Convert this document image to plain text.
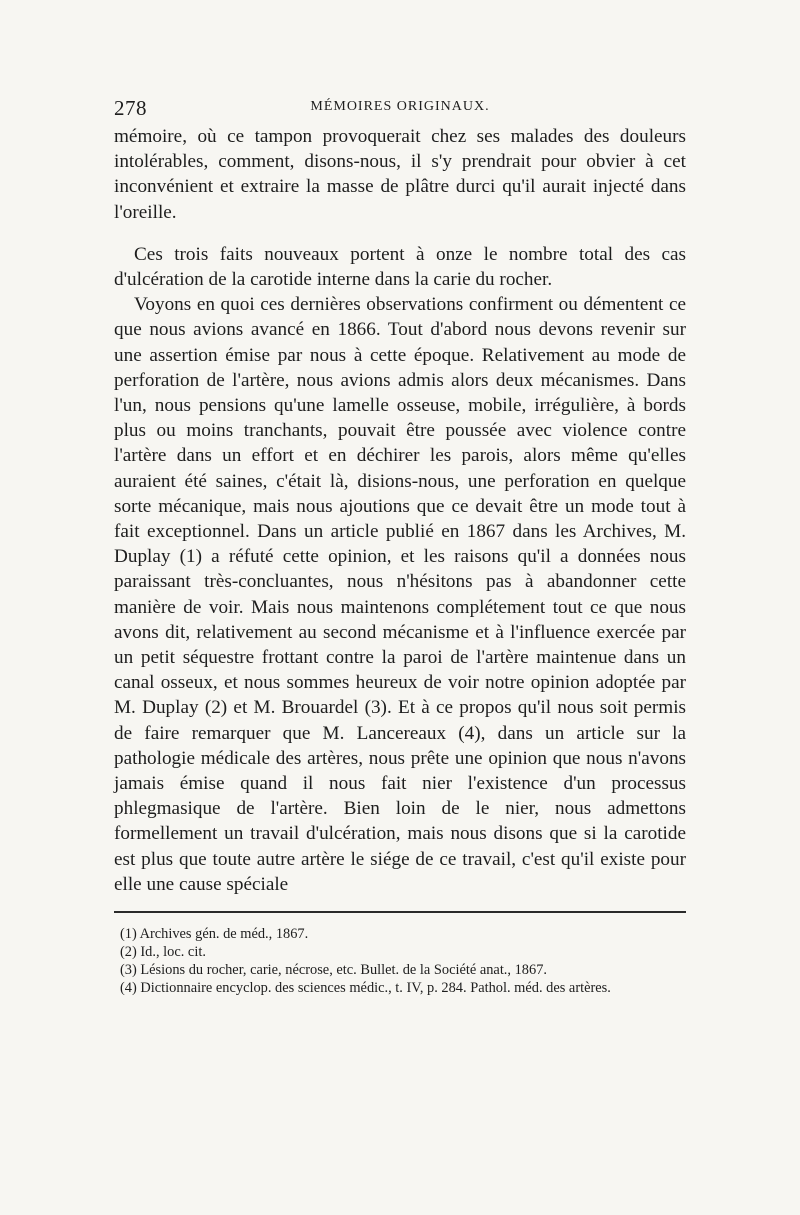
278	MÉMOIRES ORIGINAUX.

mémoire, où ce tampon provoquerait chez ses malades des douleurs intolérables, comment, disons-nous, il s'y prendrait pour obvier à cet inconvénient et extraire la masse de plâtre durci qu'il aurait injecté dans l'oreille.

Ces trois faits nouveaux portent à onze le nombre total des cas d'ulcération de la carotide interne dans la carie du rocher.

Voyons en quoi ces dernières observations confirment ou démentent ce que nous avions avancé en 1866. Tout d'abord nous devons revenir sur une assertion émise par nous à cette époque. Relativement au mode de perforation de l'artère, nous avions admis alors deux mécanismes. Dans l'un, nous pensions qu'une lamelle osseuse, mobile, irrégulière, à bords plus ou moins tranchants, pouvait être poussée avec violence contre l'artère dans un effort et en déchirer les parois, alors même qu'elles auraient été saines, c'était là, disions-nous, une perforation en quelque sorte mécanique, mais nous ajoutions que ce devait être un mode tout à fait exceptionnel. Dans un article publié en 1867 dans les Archives, M. Duplay (1) a réfuté cette opinion, et les raisons qu'il a données nous paraissant très-concluantes, nous n'hésitons pas à abandonner cette manière de voir. Mais nous maintenons complétement tout ce que nous avons dit, relativement au second mécanisme et à l'influence exercée par un petit séquestre frottant contre la paroi de l'artère maintenue dans un canal osseux, et nous sommes heureux de voir notre opinion adoptée par M. Duplay (2) et M. Brouardel (3). Et à ce propos qu'il nous soit permis de faire remarquer que M. Lancereaux (4), dans un article sur la pathologie médicale des artères, nous prête une opinion que nous n'avons jamais émise quand il nous fait nier l'existence d'un processus phlegmasique de l'artère. Bien loin de le nier, nous admettons formellement un travail d'ulcération, mais nous disons que si la carotide est plus que toute autre artère le siége de ce travail, c'est qu'il existe pour elle une cause spéciale

(1) Archives gén. de méd., 1867.

(2) Id., loc. cit.

(3) Lésions du rocher, carie, nécrose, etc. Bullet. de la Société anat., 1867.

(4) Dictionnaire encyclop. des sciences médic., t. IV, p. 284. Pathol. méd. des artères.
